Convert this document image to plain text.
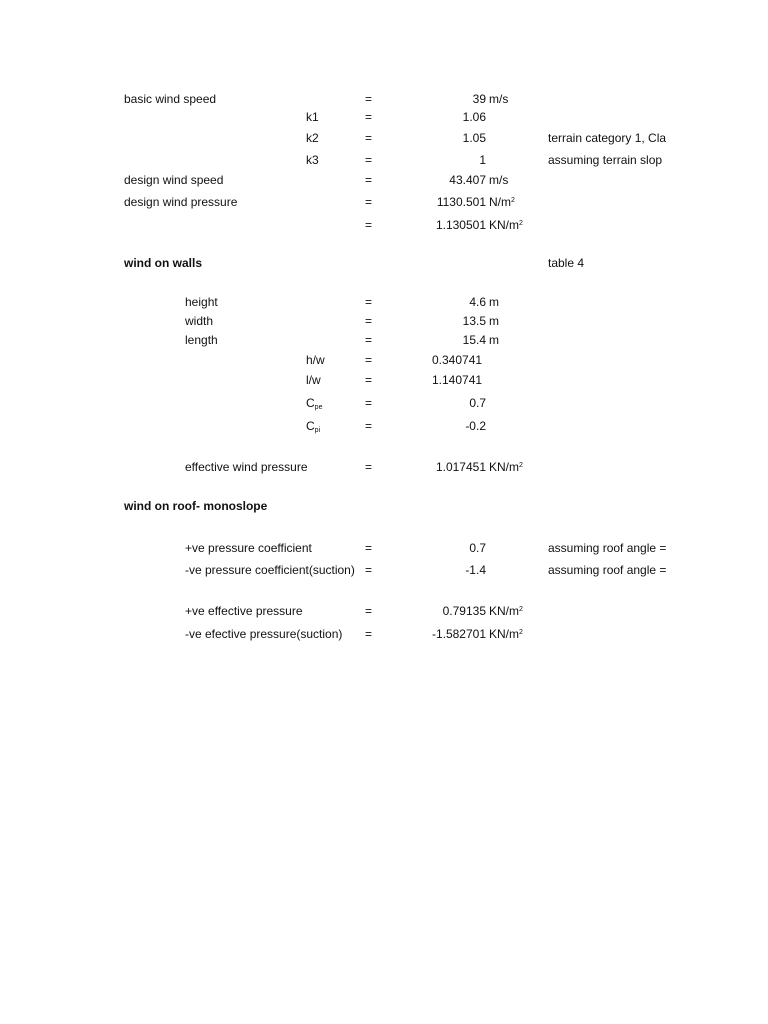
basic wind speed	=	39 m/s
k1	=	1.06
k2	=	1.05	terrain category 1, Cla
k3	=	1	assuming terrain slop
design wind speed	=	43.407 m/s
design wind pressure	=	1130.501 $N/m^2$
=	1.130501 $KN/m^2$
wind on walls	table 4
height	=	4.6 m
width	=	13.5 m
length	=	15.4 m
h/w	=	0.340741
l/w	=	1.140741
$C_{pe}$	=	0.7
$C_{pi}$	=	-0.2
effective wind pressure	=	1.017451 $KN/m^2$
wind on roof- monoslope
+ve pressure coefficient	=	0.7	assuming roof angle =
-ve pressure coefficient(suction) =	-1.4	assuming roof angle =
+ve effective pressure	=	0.79135 $KN/m^2$
-ve efective pressure(suction) =	-1.582701 $KN/m^2$
